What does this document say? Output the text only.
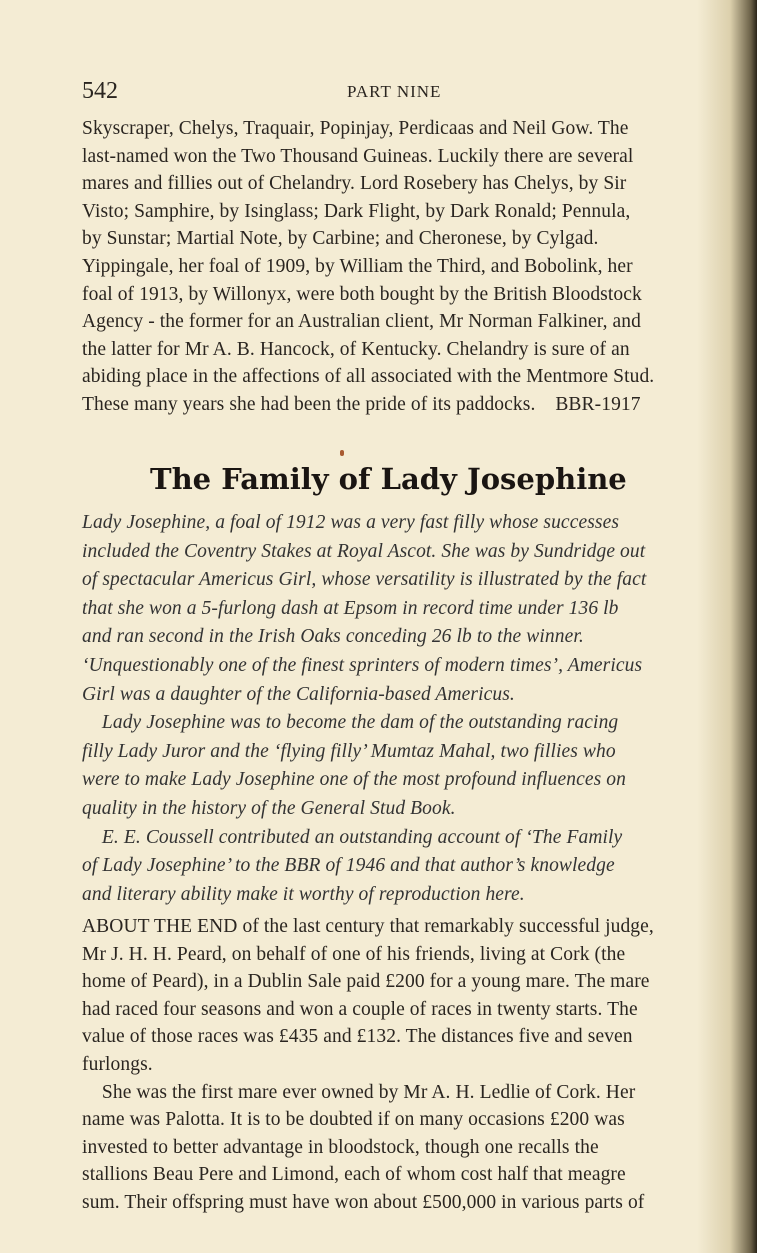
542	PART NINE
Skyscraper, Chelys, Traquair, Popinjay, Perdicaas and Neil Gow. The
last-named won the Two Thousand Guineas. Luckily there are several
mares and fillies out of Chelandry. Lord Rosebery has Chelys, by Sir
Visto; Samphire, by Isinglass; Dark Flight, by Dark Ronald; Pennula,
by Sunstar; Martial Note, by Carbine; and Cheronese, by Cylgad.
Yippingale, her foal of 1909, by William the Third, and Bobolink, her
foal of 1913, by Willonyx, were both bought by the British Bloodstock
Agency - the former for an Australian client, Mr Norman Falkiner, and
the latter for Mr A. B. Hancock, of Kentucky. Chelandry is sure of an
abiding place in the affections of all associated with the Mentmore Stud.
These many years she had been the pride of its paddocks.    BBR-1917
The Family of Lady Josephine
Lady Josephine, a foal of 1912 was a very fast filly whose successes
included the Coventry Stakes at Royal Ascot. She was by Sundridge out
of spectacular Americus Girl, whose versatility is illustrated by the fact
that she won a 5-furlong dash at Epsom in record time under 136 lb
and ran second in the Irish Oaks conceding 26 lb to the winner.
‘Unquestionably one of the finest sprinters of modern times’, Americus
Girl was a daughter of the California-based Americus.
Lady Josephine was to become the dam of the outstanding racing
filly Lady Juror and the ‘flying filly’ Mumtaz Mahal, two fillies who
were to make Lady Josephine one of the most profound influences on
quality in the history of the General Stud Book.
E. E. Coussell contributed an outstanding account of ‘The Family
of Lady Josephine’ to the BBR of 1946 and that author’s knowledge
and literary ability make it worthy of reproduction here.
ABOUT THE END of the last century that remarkably successful judge,
Mr J. H. H. Peard, on behalf of one of his friends, living at Cork (the
home of Peard), in a Dublin Sale paid £200 for a young mare. The mare
had raced four seasons and won a couple of races in twenty starts. The
value of those races was £435 and £132. The distances five and seven
furlongs.
She was the first mare ever owned by Mr A. H. Ledlie of Cork. Her
name was Palotta. It is to be doubted if on many occasions £200 was
invested to better advantage in bloodstock, though one recalls the
stallions Beau Pere and Limond, each of whom cost half that meagre
sum. Their offspring must have won about £500,000 in various parts of
